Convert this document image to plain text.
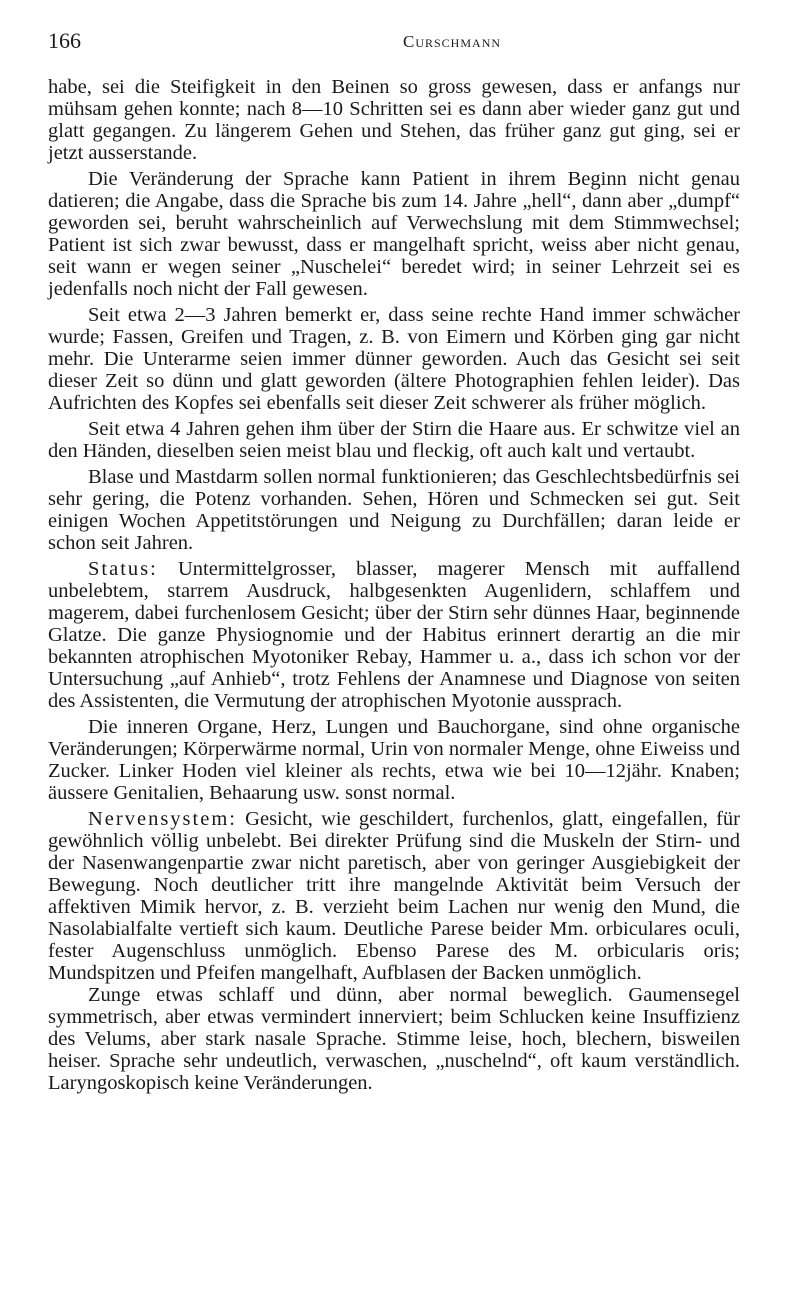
166	Curschmann

habe, sei die Steifigkeit in den Beinen so gross gewesen, dass er anfangs nur mühsam gehen konnte; nach 8—10 Schritten sei es dann aber wieder ganz gut und glatt gegangen. Zu längerem Gehen und Stehen, das früher ganz gut ging, sei er jetzt ausserstande.

Die Veränderung der Sprache kann Patient in ihrem Beginn nicht genau datieren; die Angabe, dass die Sprache bis zum 14. Jahre „hell“, dann aber „dumpf“ geworden sei, beruht wahrscheinlich auf Verwechslung mit dem Stimmwechsel; Patient ist sich zwar bewusst, dass er mangelhaft spricht, weiss aber nicht genau, seit wann er wegen seiner „Nuschelei“ beredet wird; in seiner Lehrzeit sei es jedenfalls noch nicht der Fall gewesen.

Seit etwa 2—3 Jahren bemerkt er, dass seine rechte Hand immer schwächer wurde; Fassen, Greifen und Tragen, z. B. von Eimern und Körben ging gar nicht mehr. Die Unterarme seien immer dünner geworden. Auch das Gesicht sei seit dieser Zeit so dünn und glatt geworden (ältere Photographien fehlen leider). Das Aufrichten des Kopfes sei ebenfalls seit dieser Zeit schwerer als früher möglich.

Seit etwa 4 Jahren gehen ihm über der Stirn die Haare aus. Er schwitze viel an den Händen, dieselben seien meist blau und fleckig, oft auch kalt und vertaubt.

Blase und Mastdarm sollen normal funktionieren; das Geschlechtsbedürfnis sei sehr gering, die Potenz vorhanden. Sehen, Hören und Schmecken sei gut. Seit einigen Wochen Appetitstörungen und Neigung zu Durchfällen; daran leide er schon seit Jahren.

Status: Untermittelgrosser, blasser, magerer Mensch mit auffallend unbelebtem, starrem Ausdruck, halbgesenkten Augenlidern, schlaffem und magerem, dabei furchenlosem Gesicht; über der Stirn sehr dünnes Haar, beginnende Glatze. Die ganze Physiognomie und der Habitus erinnert derartig an die mir bekannten atrophischen Myotoniker Rebay, Hammer u. a., dass ich schon vor der Untersuchung „auf Anhieb“, trotz Fehlens der Anamnese und Diagnose von seiten des Assistenten, die Vermutung der atrophischen Myotonie aussprach.

Die inneren Organe, Herz, Lungen und Bauchorgane, sind ohne organische Veränderungen; Körperwärme normal, Urin von normaler Menge, ohne Eiweiss und Zucker. Linker Hoden viel kleiner als rechts, etwa wie bei 10—12jähr. Knaben; äussere Genitalien, Behaarung usw. sonst normal.

Nervensystem: Gesicht, wie geschildert, furchenlos, glatt, eingefallen, für gewöhnlich völlig unbelebt. Bei direkter Prüfung sind die Muskeln der Stirn- und der Nasenwangenpartie zwar nicht paretisch, aber von geringer Ausgiebigkeit der Bewegung. Noch deutlicher tritt ihre mangelnde Aktivität beim Versuch der affektiven Mimik hervor, z. B. verzieht beim Lachen nur wenig den Mund, die Nasolabialfalte vertieft sich kaum. Deutliche Parese beider Mm. orbiculares oculi, fester Augenschluss unmöglich. Ebenso Parese des M. orbicularis oris; Mundspitzen und Pfeifen mangelhaft, Aufblasen der Backen unmöglich.

Zunge etwas schlaff und dünn, aber normal beweglich. Gaumensegel symmetrisch, aber etwas vermindert innerviert; beim Schlucken keine Insuffizienz des Velums, aber stark nasale Sprache. Stimme leise, hoch, blechern, bisweilen heiser. Sprache sehr undeutlich, verwaschen, „nuschelnd“, oft kaum verständlich. Laryngoskopisch keine Veränderungen.
